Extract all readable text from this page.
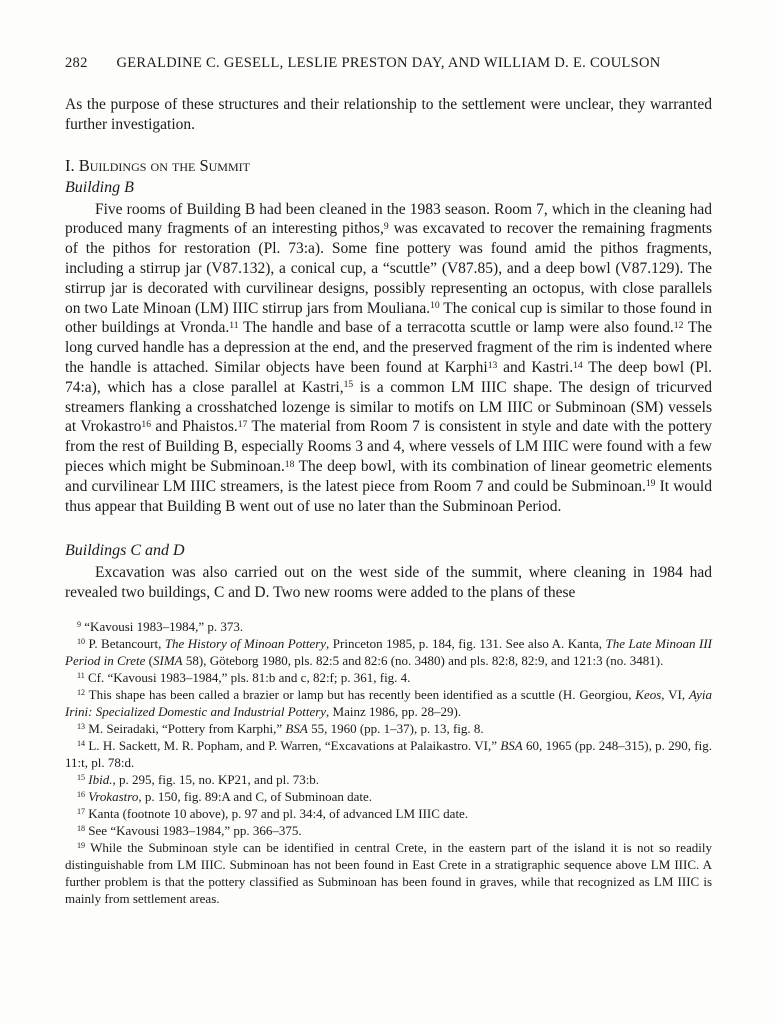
282	GERALDINE C. GESELL, LESLIE PRESTON DAY, AND WILLIAM D. E. COULSON

As the purpose of these structures and their relationship to the settlement were unclear, they warranted further investigation.

I. Buildings on the Summit
Building B

Five rooms of Building B had been cleaned in the 1983 season. Room 7, which in the cleaning had produced many fragments of an interesting pithos,$^9$ was excavated to recover the remaining fragments of the pithos for restoration (Pl. 73:a). Some fine pottery was found amid the pithos fragments, including a stirrup jar (V87.132), a conical cup, a “scuttle” (V87.85), and a deep bowl (V87.129). The stirrup jar is decorated with curvilinear designs, possibly representing an octopus, with close parallels on two Late Minoan (LM) IIIC stirrup jars from Mouliana.$^{10}$ The conical cup is similar to those found in other buildings at Vronda.$^{11}$ The handle and base of a terracotta scuttle or lamp were also found.$^{12}$ The long curved handle has a depression at the end, and the preserved fragment of the rim is indented where the handle is attached. Similar objects have been found at Karphi$^{13}$ and Kastri.$^{14}$ The deep bowl (Pl. 74:a), which has a close parallel at Kastri,$^{15}$ is a common LM IIIC shape. The design of tricurved streamers flanking a crosshatched lozenge is similar to motifs on LM IIIC or Subminoan (SM) vessels at Vrokastro$^{16}$ and Phaistos.$^{17}$ The material from Room 7 is consistent in style and date with the pottery from the rest of Building B, especially Rooms 3 and 4, where vessels of LM IIIC were found with a few pieces which might be Subminoan.$^{18}$ The deep bowl, with its combination of linear geometric elements and curvilinear LM IIIC streamers, is the latest piece from Room 7 and could be Subminoan.$^{19}$ It would thus appear that Building B went out of use no later than the Subminoan Period.

Buildings C and D

Excavation was also carried out on the west side of the summit, where cleaning in 1984 had revealed two buildings, C and D. Two new rooms were added to the plans of these

$^9$ “Kavousi 1983–1984,” p. 373.

$^{10}$ P. Betancourt, The History of Minoan Pottery, Princeton 1985, p. 184, fig. 131. See also A. Kanta, The Late Minoan III Period in Crete (SIMA 58), Göteborg 1980, pls. 82:5 and 82:6 (no. 3480) and pls. 82:8, 82:9, and 121:3 (no. 3481).

$^{11}$ Cf. “Kavousi 1983–1984,” pls. 81:b and c, 82:f; p. 361, fig. 4.

$^{12}$ This shape has been called a brazier or lamp but has recently been identified as a scuttle (H. Georgiou, Keos, VI, Ayia Irini: Specialized Domestic and Industrial Pottery, Mainz 1986, pp. 28–29).

$^{13}$ M. Seiradaki, “Pottery from Karphi,” BSA 55, 1960 (pp. 1–37), p. 13, fig. 8.

$^{14}$ L. H. Sackett, M. R. Popham, and P. Warren, “Excavations at Palaikastro. VI,” BSA 60, 1965 (pp. 248–315), p. 290, fig. 11:t, pl. 78:d.

$^{15}$ Ibid., p. 295, fig. 15, no. KP21, and pl. 73:b.

$^{16}$ Vrokastro, p. 150, fig. 89:A and C, of Subminoan date.

$^{17}$ Kanta (footnote 10 above), p. 97 and pl. 34:4, of advanced LM IIIC date.

$^{18}$ See “Kavousi 1983–1984,” pp. 366–375.

$^{19}$ While the Subminoan style can be identified in central Crete, in the eastern part of the island it is not so readily distinguishable from LM IIIC. Subminoan has not been found in East Crete in a stratigraphic sequence above LM IIIC. A further problem is that the pottery classified as Subminoan has been found in graves, while that recognized as LM IIIC is mainly from settlement areas.
